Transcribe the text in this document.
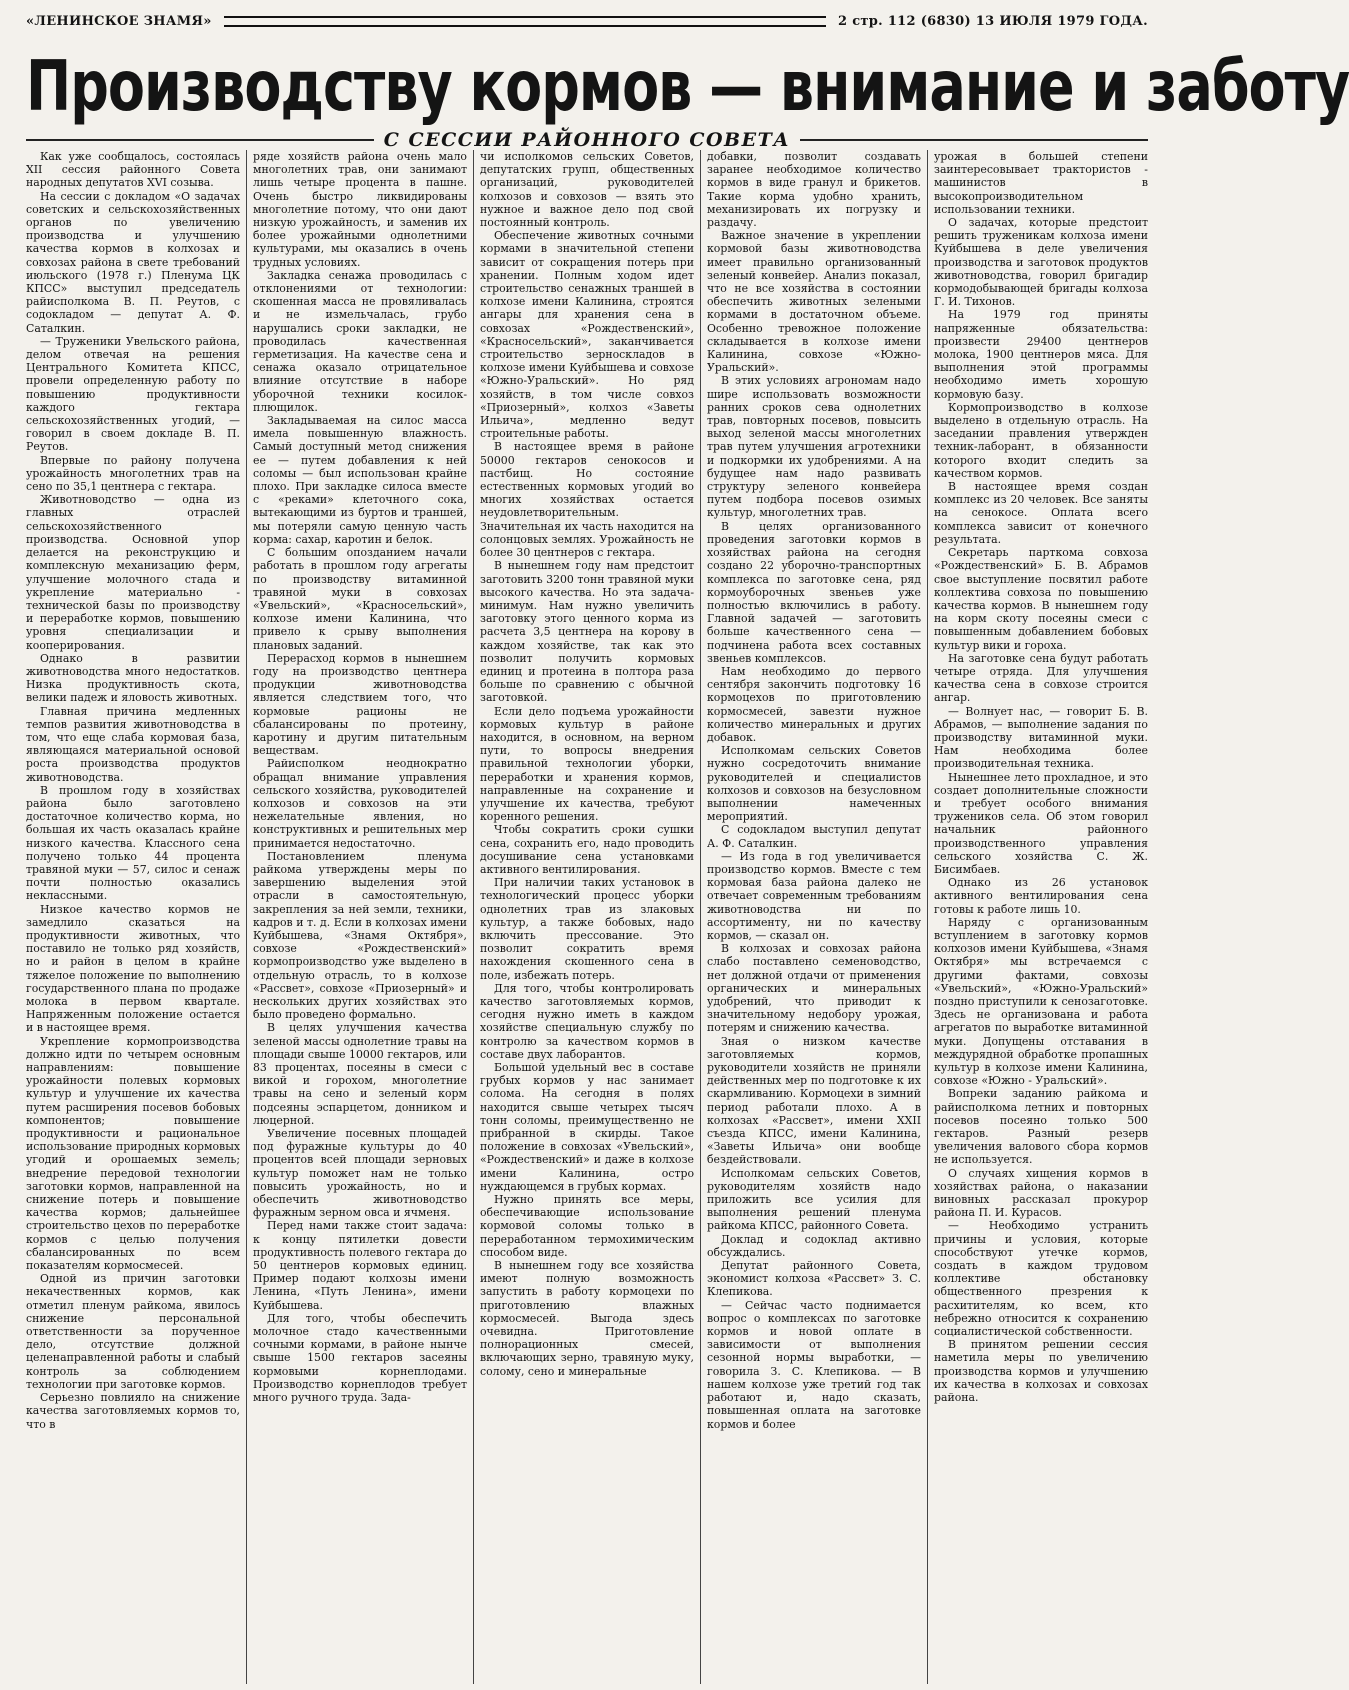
«ЛЕНИНСКОЕ ЗНАМЯ»	2 стр. 112 (6830) 13 ИЮЛЯ 1979 ГОДА.
Производству кормов — внимание и заботу
С СЕССИИ РАЙОННОГО СОВЕТА

Как уже сообщалось, состоялась XII сессия районного Совета народных депутатов XVI созыва.

На сессии с докладом «О задачах советских и сельскохозяйственных органов по увеличению производства и улучшению качества кормов в колхозах и совхозах района в свете требований июльского (1978 г.) Пленума ЦК КПСС» выступил председатель райисполкома В. П. Реутов, с содокладом — депутат А. Ф. Саталкин.

— Труженики Увельского района, делом отвечая на решения Центрального Комитета КПСС, провели определенную работу по повышению продуктивности каждого гектара сельскохозяйственных угодий, — говорил в своем докладе В. П. Реутов.

Впервые по району получена урожайность многолетних трав на сено по 35,1 центнера с гектара.

Животноводство — одна из главных отраслей сельскохозяйственного производства. Основной упор делается на реконструкцию и комплексную механизацию ферм, улучшение молочного стада и укрепление материально - технической базы по производству и переработке кормов, повышению уровня специализации и кооперирования.

Однако в развитии животноводства много недостатков. Низка продуктивность скота, велики падеж и яловость животных.

Главная причина медленных темпов развития животноводства в том, что еще слаба кормовая база, являющаяся материальной основой роста производства продуктов животноводства.

В прошлом году в хозяйствах района было заготовлено достаточное количество корма, но большая их часть оказалась крайне низкого качества. Классного сена получено только 44 процента травяной муки — 57, силос и сенаж почти полностью оказались неклассными.

Низкое качество кормов не замедлило сказаться на продуктивности животных, что поставило не только ряд хозяйств, но и район в целом в крайне тяжелое положение по выполнению государственного плана по продаже молока в первом квартале. Напряженным положение остается и в настоящее время.

Укрепление кормопроизводства должно идти по четырем основным направлениям: повышение урожайности полевых кормовых культур и улучшение их качества путем расширения посевов бобовых компонентов; повышение продуктивности и рациональное использование природных кормовых угодий и орошаемых земель; внедрение передовой технологии заготовки кормов, направленной на снижение потерь и повышение качества кормов; дальнейшее строительство цехов по переработке кормов с целью получения сбалансированных по всем показателям кормосмесей.

Одной из причин заготовки некачественных кормов, как отметил пленум райкома, явилось снижение персональной ответственности за порученное дело, отсутствие должной целенаправленной работы и слабый контроль за соблюдением технологии при заготовке кормов.

Серьезно повлияло на снижение качества заготовляемых кормов то, что в

ряде хозяйств района очень мало многолетних трав, они занимают лишь четыре процента в пашне. Очень быстро ликвидированы многолетние потому, что они дают низкую урожайность, и заменив их более урожайными однолетними культурами, мы оказались в очень трудных условиях.

Закладка сенажа проводилась с отклонениями от технологии: скошенная масса не провяливалась и не измельчалась, грубо нарушались сроки закладки, не проводилась качественная герметизация. На качестве сена и сенажа оказало отрицательное влияние отсутствие в наборе уборочной техники косилок-плющилок.

Закладываемая на силос масса имела повышенную влажность. Самый доступный метод снижения ее — путем добавления к ней соломы — был использован крайне плохо. При закладке силоса вместе с «реками» клеточного сока, вытекающими из буртов и траншей, мы потеряли самую ценную часть корма: сахар, каротин и белок.

С большим опозданием начали работать в прошлом году агрегаты по производству витаминной травяной муки в совхозах «Увельский», «Красносельский», колхозе имени Калинина, что привело к срыву выполнения плановых заданий.

Перерасход кормов в нынешнем году на производство центнера продукции животноводства является следствием того, что кормовые рационы не сбалансированы по протеину, каротину и другим питательным веществам.

Райисполком неоднократно обращал внимание управления сельского хозяйства, руководителей колхозов и совхозов на эти нежелательные явления, но конструктивных и решительных мер принимается недостаточно.

Постановлением пленума райкома утверждены меры по завершению выделения этой отрасли в самостоятельную, закрепления за ней земли, техники, кадров и т. д. Если в колхозах имени Куйбышева, «Знамя Октября», совхозе «Рождественский» кормопроизводство уже выделено в отдельную отрасль, то в колхозе «Рассвет», совхозе «Приозерный» и нескольких других хозяйствах это было проведено формально.

В целях улучшения качества зеленой массы однолетние травы на площади свыше 10000 гектаров, или 83 процентах, посеяны в смеси с викой и горохом, многолетние травы на сено и зеленый корм подсеяны эспарцетом, донником и люцерной.

Увеличение посевных площадей под фуражные культуры до 40 процентов всей площади зерновых культур поможет нам не только повысить урожайность, но и обеспечить животноводство фуражным зерном овса и ячменя.

Перед нами также стоит задача: к концу пятилетки довести продуктивность полевого гектара до 50 центнеров кормовых единиц. Пример подают колхозы имени Ленина, «Путь Ленина», имени Куйбышева.

Для того, чтобы обеспечить молочное стадо качественными сочными кормами, в районе нынче свыше 1500 гектаров засеяны кормовыми корнеплодами. Производство корнеплодов требует много ручного труда. Зада-

чи исполкомов сельских Советов, депутатских групп, общественных организаций, руководителей колхозов и совхозов — взять это нужное и важное дело под свой постоянный контроль.

Обеспечение животных сочными кормами в значительной степени зависит от сокращения потерь при хранении. Полным ходом идет строительство сенажных траншей в колхозе имени Калинина, строятся ангары для хранения сена в совхозах «Рождественский», «Красносельский», заканчивается строительство зерноскладов в колхозе имени Куйбышева и совхозе «Южно-Уральский». Но ряд хозяйств, в том числе совхоз «Приозерный», колхоз «Заветы Ильича», медленно ведут строительные работы.

В настоящее время в районе 50000 гектаров сенокосов и пастбищ. Но состояние естественных кормовых угодий во многих хозяйствах остается неудовлетворительным. Значительная их часть находится на солонцовых землях. Урожайность не более 30 центнеров с гектара.

В нынешнем году нам предстоит заготовить 3200 тонн травяной муки высокого качества. Но эта задача-минимум. Нам нужно увеличить заготовку этого ценного корма из расчета 3,5 центнера на корову в каждом хозяйстве, так как это позволит получить кормовых единиц и протеина в полтора раза больше по сравнению с обычной заготовкой.

Если дело подъема урожайности кормовых культур в районе находится, в основном, на верном пути, то вопросы внедрения правильной технологии уборки, переработки и хранения кормов, направленные на сохранение и улучшение их качества, требуют коренного решения.

Чтобы сократить сроки сушки сена, сохранить его, надо проводить досушивание сена установками активного вентилирования.

При наличии таких установок в технологический процесс уборки однолетних трав из злаковых культур, а также бобовых, надо включить прессование. Это позволит сократить время нахождения скошенного сена в поле, избежать потерь.

Для того, чтобы контролировать качество заготовляемых кормов, сегодня нужно иметь в каждом хозяйстве специальную службу по контролю за качеством кормов в составе двух лаборантов.

Большой удельный вес в составе грубых кормов у нас занимает солома. На сегодня в полях находится свыше четырех тысяч тонн соломы, преимущественно не прибранной в скирды. Такое положение в совхозах «Увельский», «Рождественский» и даже в колхозе имени Калинина, остро нуждающемся в грубых кормах.

Нужно принять все меры, обеспечивающие использование кормовой соломы только в переработанном термохимическим способом виде.

В нынешнем году все хозяйства имеют полную возможность запустить в работу кормоцехи по приготовлению влажных кормосмесей. Выгода здесь очевидна. Приготовление полнорационных смесей, включающих зерно, травяную муку, солому, сено и минеральные

добавки, позволит создавать заранее необходимое количество кормов в виде гранул и брикетов. Такие корма удобно хранить, механизировать их погрузку и раздачу.

Важное значение в укреплении кормовой базы животноводства имеет правильно организованный зеленый конвейер. Анализ показал, что не все хозяйства в состоянии обеспечить животных зелеными кормами в достаточном объеме. Особенно тревожное положение складывается в колхозе имени Калинина, совхозе «Южно-Уральский».

В этих условиях агрономам надо шире использовать возможности ранних сроков сева однолетних трав, повторных посевов, повысить выход зеленой массы многолетних трав путем улучшения агротехники и подкормки их удобрениями. А на будущее нам надо развивать структуру зеленого конвейера путем подбора посевов озимых культур, многолетних трав.

В целях организованного проведения заготовки кормов в хозяйствах района на сегодня создано 22 уборочно-транспортных комплекса по заготовке сена, ряд кормоуборочных звеньев уже полностью включились в работу. Главной задачей — заготовить больше качественного сена — подчинена работа всех составных звеньев комплексов.

Нам необходимо до первого сентября закончить подготовку 16 кормоцехов по приготовлению кормосмесей, завезти нужное количество минеральных и других добавок.

Исполкомам сельских Советов нужно сосредоточить внимание руководителей и специалистов колхозов и совхозов на безусловном выполнении намеченных мероприятий.

С содокладом выступил депутат А. Ф. Саталкин.

— Из года в год увеличивается производство кормов. Вместе с тем кормовая база района далеко не отвечает современным требованиям животноводства ни по ассортименту, ни по качеству кормов, — сказал он.

В колхозах и совхозах района слабо поставлено семеноводство, нет должной отдачи от применения органических и минеральных удобрений, что приводит к значительному недобору урожая, потерям и снижению качества.

Зная о низком качестве заготовляемых кормов, руководители хозяйств не приняли действенных мер по подготовке к их скармливанию. Кормоцехи в зимний период работали плохо. А в колхозах «Рассвет», имени XXII съезда КПСС, имени Калинина, «Заветы Ильича» они вообще бездействовали.

Исполкомам сельских Советов, руководителям хозяйств надо приложить все усилия для выполнения решений пленума райкома КПСС, районного Совета.

Доклад и содоклад активно обсуждались.

Депутат районного Совета, экономист колхоза «Рассвет» З. С. Клепикова.

— Сейчас часто поднимается вопрос о комплексах по заготовке кормов и новой оплате в зависимости от выполнения сезонной нормы выработки, — говорила З. С. Клепикова. — В нашем колхозе уже третий год так работают и, надо сказать, повышенная оплата на заготовке кормов и более

урожая в большей степени заинтересовывает трактористов - машинистов в высокопроизводительном использовании техники.

О задачах, которые предстоит решить труженикам колхоза имени Куйбышева в деле увеличения производства и заготовок продуктов животноводства, говорил бригадир кормодобывающей бригады колхоза Г. И. Тихонов.

На 1979 год приняты напряженные обязательства: произвести 29400 центнеров молока, 1900 центнеров мяса. Для выполнения этой программы необходимо иметь хорошую кормовую базу.

Кормопроизводство в колхозе выделено в отдельную отрасль. На заседании правления утвержден техник-лаборант, в обязанности которого входит следить за качеством кормов.

В настоящее время создан комплекс из 20 человек. Все заняты на сенокосе. Оплата всего комплекса зависит от конечного результата.

Секретарь парткома совхоза «Рождественский» Б. В. Абрамов свое выступление посвятил работе коллектива совхоза по повышению качества кормов. В нынешнем году на корм скоту посеяны смеси с повышенным добавлением бобовых культур вики и гороха.

На заготовке сена будут работать четыре отряда. Для улучшения качества сена в совхозе строится ангар.

— Волнует нас, — говорит Б. В. Абрамов, — выполнение задания по производству витаминной муки. Нам необходима более производительная техника.

Нынешнее лето прохладное, и это создает дополнительные сложности и требует особого внимания тружеников села. Об этом говорил начальник районного производственного управления сельского хозяйства С. Ж. Бисимбаев.

Однако из 26 установок активного вентилирования сена готовы к работе лишь 10.

Наряду с организованным вступлением в заготовку кормов колхозов имени Куйбышева, «Знамя Октября» мы встречаемся с другими фактами, совхозы «Увельский», «Южно-Уральский» поздно приступили к сенозаготовке. Здесь не организована и работа агрегатов по выработке витаминной муки. Допущены отставания в междурядной обработке пропашных культур в колхозе имени Калинина, совхозе «Южно - Уральский».

Вопреки заданию райкома и райисполкома летних и повторных посевов посеяно только 500 гектаров. Разный резерв увеличения валового сбора кормов не используется.

О случаях хищения кормов в хозяйствах района, о наказании виновных рассказал прокурор района П. И. Курасов.

— Необходимо устранить причины и условия, которые способствуют утечке кормов, создать в каждом трудовом коллективе обстановку общественного презрения к расхитителям, ко всем, кто небрежно относится к сохранению социалистической собственности.

В принятом решении сессия наметила меры по увеличению производства кормов и улучшению их качества в колхозах и совхозах района.
